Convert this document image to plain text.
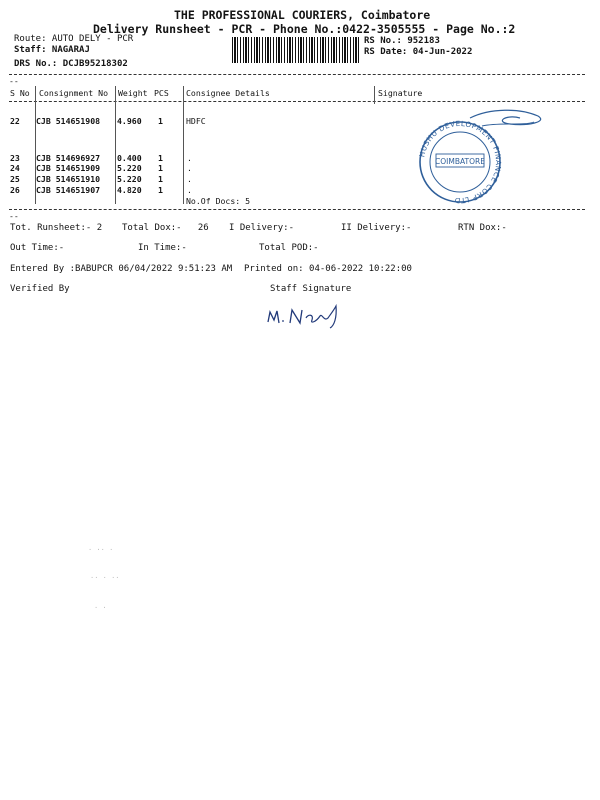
THE PROFESSIONAL COURIERS, Coimbatore
Delivery Runsheet - PCR - Phone No.:0422-3505555 - Page No.:2
Route: AUTO DELY - PCR
Staff: NAGARAJ
DRS No.: DCJB95218302
RS No.: 952183
RS Date: 04-Jun-2022
--
S No Consignment No Weight PCS Consignee Details	Signature
22 CJB 514651908 4.960 1	HDFC
23 CJB 514696927 0.400 1	.
24 CJB 514651909 5.220 1	.
25 CJB 514651910 5.220 1	.
26 CJB 514651907 4.820 1	.
No.Of Docs: 5
HUSHU DEVELOPMENT FINANCE CORP LTD
COIMBATORE
--
Tot. Runsheet:- 2 Total Dox:-   26 I Delivery:-	II Delivery:-	RTN Dox:-
Out Time:-	In Time:-	Total POD:-
Entered By :BABUPCR 06/04/2022 9:51:23 AM Printed on: 04-06-2022 10:22:00
Verified By	Staff Signature
· ·· ·
·· · ··
· ·
